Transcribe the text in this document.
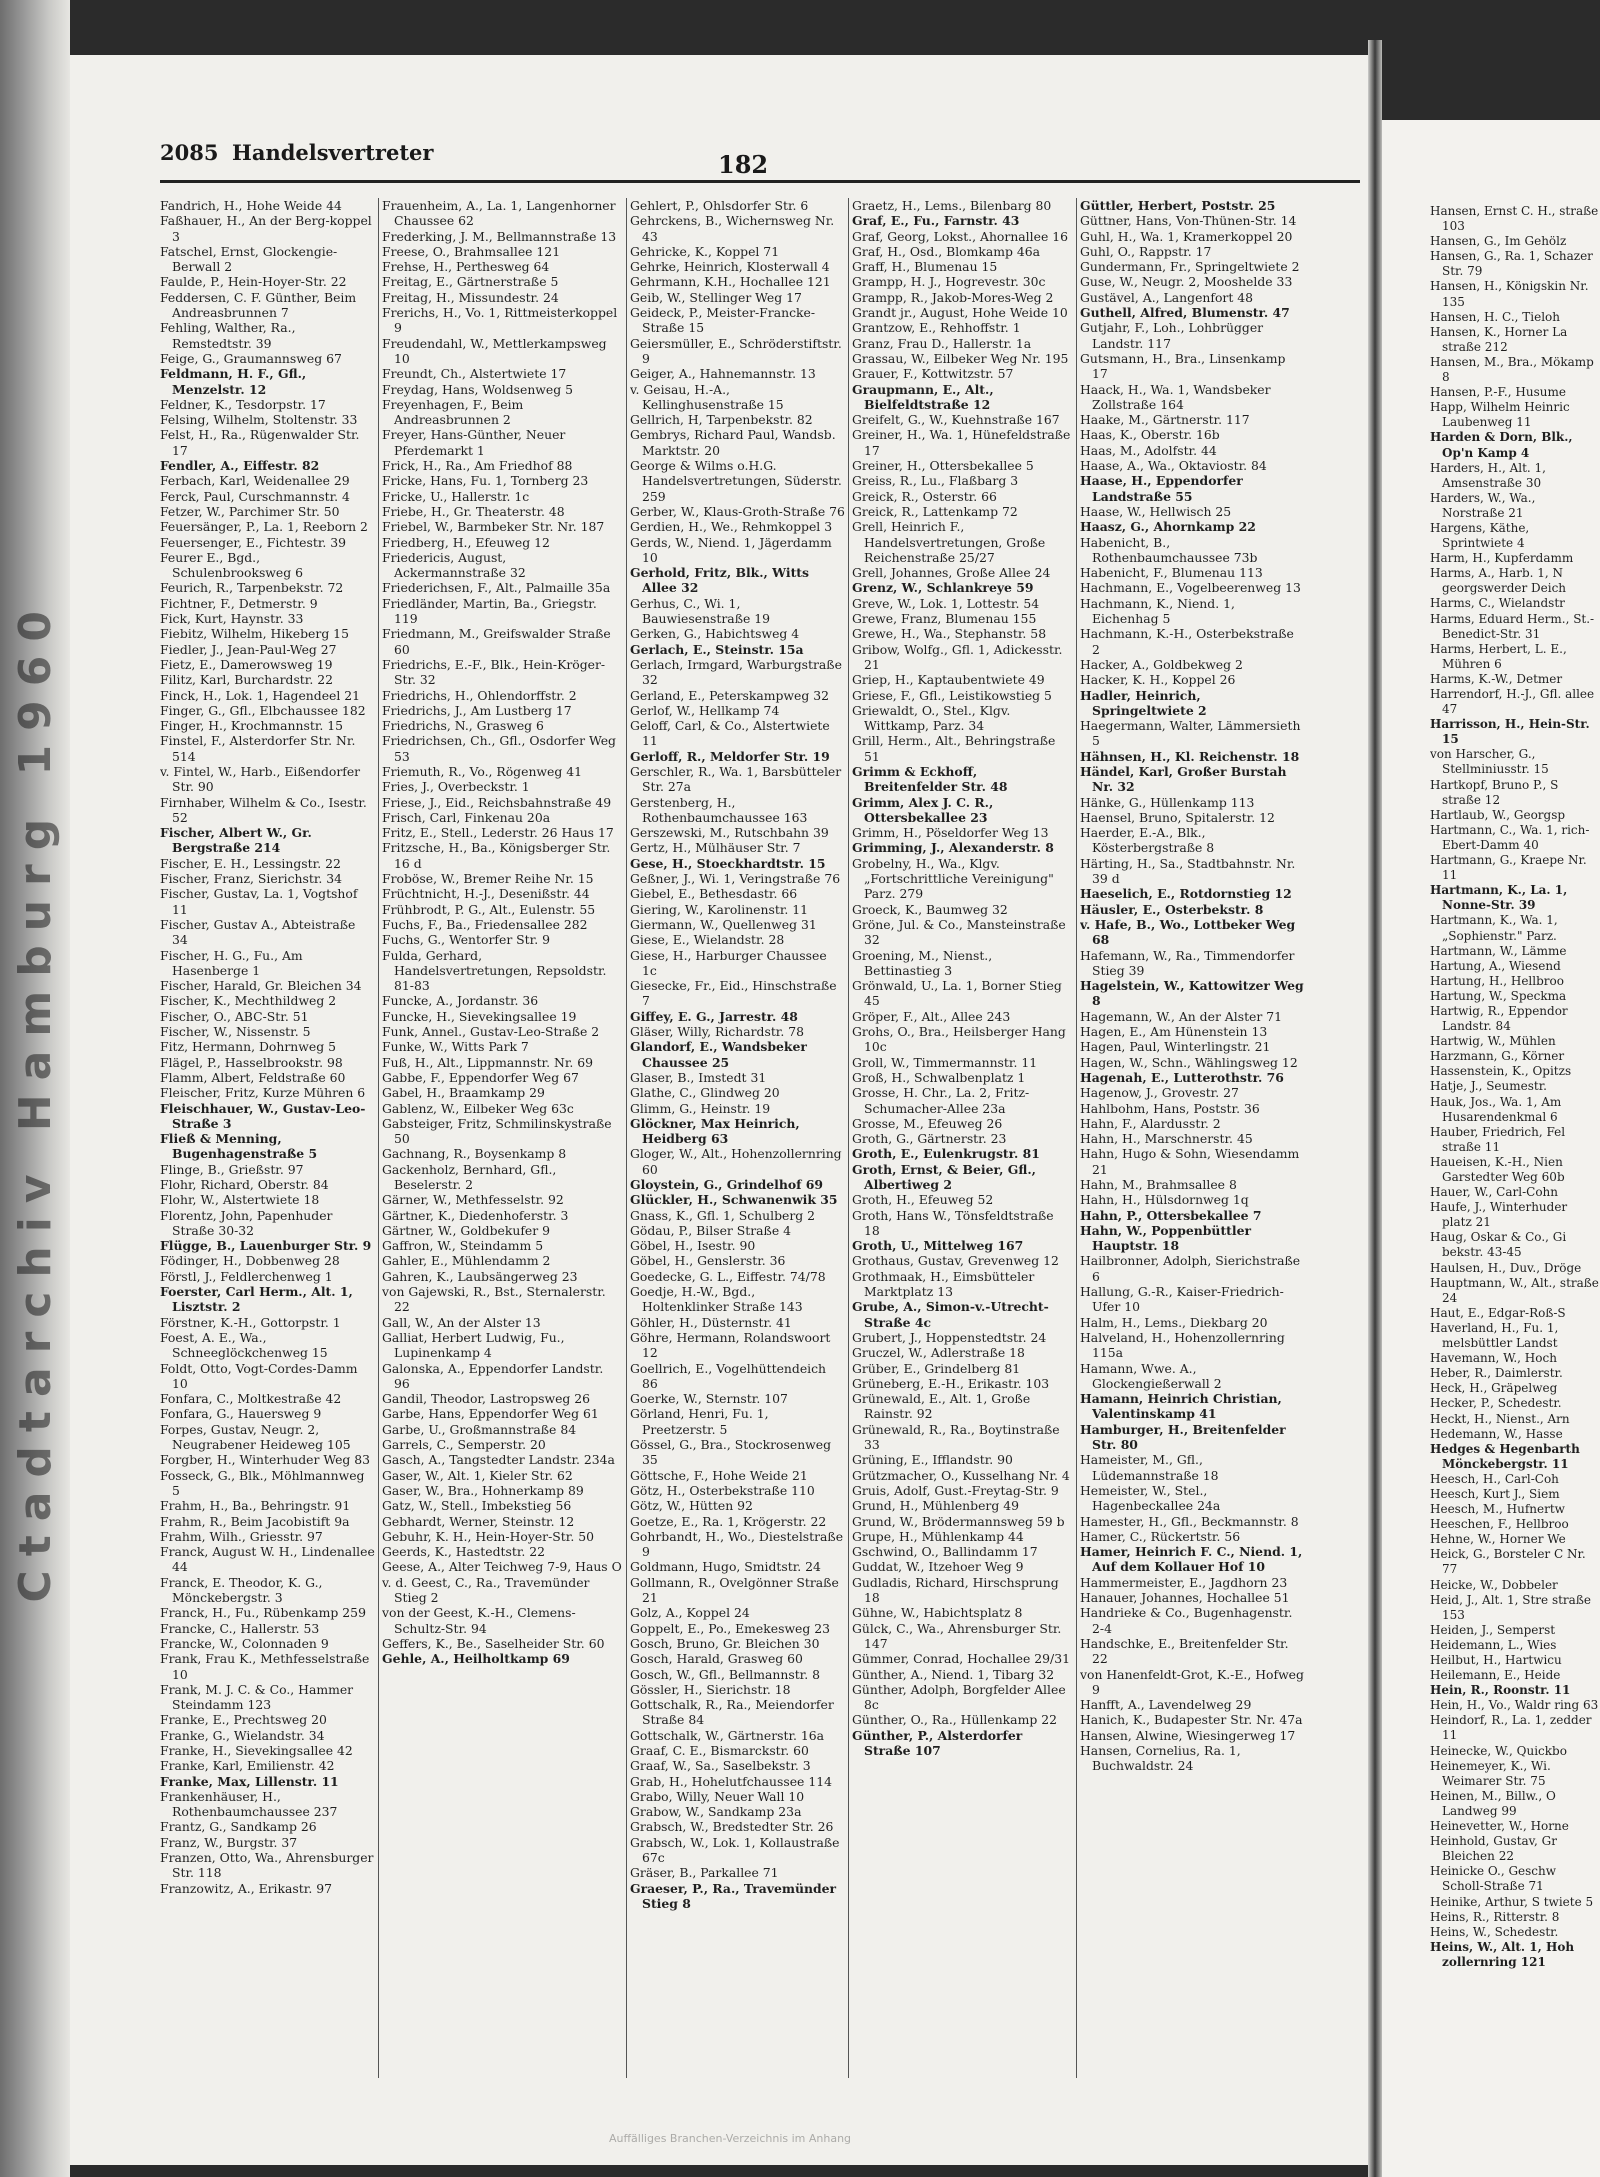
Ctadtarchiv Hamburg 1960
2085 Handelsvertreter	182

Fandrich, H., Hohe Weide 44

Faßhauer, H., An der Berg-koppel 3

Fatschel, Ernst, Glockengie-Berwall 2

Faulde, P., Hein-Hoyer-Str. 22

Feddersen, C. F. Günther, Beim Andreasbrunnen 7

Fehling, Walther, Ra., Remstedtstr. 39

Feige, G., Graumannsweg 67

Feldmann, H. F., Gfl., Menzelstr. 12

Feldner, K., Tesdorpstr. 17

Felsing, Wilhelm, Stoltenstr. 33

Felst, H., Ra., Rügenwalder Str. 17

Fendler, A., Eiffestr. 82

Ferbach, Karl, Weidenallee 29

Ferck, Paul, Curschmannstr. 4

Fetzer, W., Parchimer Str. 50

Feuersänger, P., La. 1, Reeborn 2

Feuersenger, E., Fichtestr. 39

Feurer E., Bgd., Schulenbrooksweg 6

Feurich, R., Tarpenbekstr. 72

Fichtner, F., Detmerstr. 9

Fick, Kurt, Haynstr. 33

Fiebitz, Wilhelm, Hikeberg 15

Fiedler, J., Jean-Paul-Weg 27

Fietz, E., Damerowsweg 19

Filitz, Karl, Burchardstr. 22

Finck, H., Lok. 1, Hagendeel 21

Finger, G., Gfl., Elbchaussee 182

Finger, H., Krochmannstr. 15

Finstel, F., Alsterdorfer Str. Nr. 514

v. Fintel, W., Harb., Eißendorfer Str. 90

Firnhaber, Wilhelm & Co., Isestr. 52

Fischer, Albert W., Gr. Bergstraße 214

Fischer, E. H., Lessingstr. 22

Fischer, Franz, Sierichstr. 34

Fischer, Gustav, La. 1, Vogtshof 11

Fischer, Gustav A., Abteistraße 34

Fischer, H. G., Fu., Am Hasenberge 1

Fischer, Harald, Gr. Bleichen 34

Fischer, K., Mechthildweg 2

Fischer, O., ABC-Str. 51

Fischer, W., Nissenstr. 5

Fitz, Hermann, Dohrnweg 5

Flägel, P., Hasselbrookstr. 98

Flamm, Albert, Feldstraße 60

Fleischer, Fritz, Kurze Mühren 6

Fleischhauer, W., Gustav-Leo-Straße 3

Fließ & Menning, Bugenhagenstraße 5

Flinge, B., Grießstr. 97

Flohr, Richard, Oberstr. 84

Flohr, W., Alstertwiete 18

Florentz, John, Papenhuder Straße 30-32

Flügge, B., Lauenburger Str. 9

Födinger, H., Dobbenweg 28

Förstl, J., Feldlerchenweg 1

Foerster, Carl Herm., Alt. 1, Lisztstr. 2

Förstner, K.-H., Gottorpstr. 1

Foest, A. E., Wa., Schneeglöckchenweg 15

Foldt, Otto, Vogt-Cordes-Damm 10

Fonfara, C., Moltkestraße 42

Fonfara, G., Hauersweg 9

Forpes, Gustav, Neugr. 2, Neugrabener Heideweg 105

Forgber, H., Winterhuder Weg 83

Fosseck, G., Blk., Möhlmannweg 5

Frahm, H., Ba., Behringstr. 91

Frahm, R., Beim Jacobistift 9a

Frahm, Wilh., Griesstr. 97

Franck, August W. H., Lindenallee 44

Franck, E. Theodor, K. G., Mönckebergstr. 3

Franck, H., Fu., Rübenkamp 259

Francke, C., Hallerstr. 53

Francke, W., Colonnaden 9

Frank, Frau K., Methfesselstraße 10

Frank, M. J. C. & Co., Hammer Steindamm 123

Franke, E., Prechtsweg 20

Franke, G., Wielandstr. 34

Franke, H., Sievekingsallee 42

Franke, Karl, Emilienstr. 42

Franke, Max, Lillenstr. 11

Frankenhäuser, H., Rothenbaumchaussee 237

Frantz, G., Sandkamp 26

Franz, W., Burgstr. 37

Franzen, Otto, Wa., Ahrensburger Str. 118

Franzowitz, A., Erikastr. 97

Frauenheim, A., La. 1, Langenhorner Chaussee 62

Frederking, J. M., Bellmannstraße 13

Freese, O., Brahmsallee 121

Frehse, H., Perthesweg 64

Freitag, E., Gärtnerstraße 5

Freitag, H., Missundestr. 24

Frerichs, H., Vo. 1, Rittmeisterkoppel 9

Freudendahl, W., Mettlerkampsweg 10

Freundt, Ch., Alstertwiete 17

Freydag, Hans, Woldsenweg 5

Freyenhagen, F., Beim Andreasbrunnen 2

Freyer, Hans-Günther, Neuer Pferdemarkt 1

Frick, H., Ra., Am Friedhof 88

Fricke, Hans, Fu. 1, Tornberg 23

Fricke, U., Hallerstr. 1c

Friebe, H., Gr. Theaterstr. 48

Friebel, W., Barmbeker Str. Nr. 187

Friedberg, H., Efeuweg 12

Friedericis, August, Ackermannstraße 32

Friederichsen, F., Alt., Palmaille 35a

Friedländer, Martin, Ba., Griegstr. 119

Friedmann, M., Greifswalder Straße 60

Friedrichs, E.-F., Blk., Hein-Kröger-Str. 32

Friedrichs, H., Ohlendorffstr. 2

Friedrichs, J., Am Lustberg 17

Friedrichs, N., Grasweg 6

Friedrichsen, Ch., Gfl., Osdorfer Weg 53

Friemuth, R., Vo., Rögenweg 41

Fries, J., Overbeckstr. 1

Friese, J., Eid., Reichsbahnstraße 49

Frisch, Carl, Finkenau 20a

Fritz, E., Stell., Lederstr. 26 Haus 17

Fritzsche, H., Ba., Königsberger Str. 16 d

Froböse, W., Bremer Reihe Nr. 15

Früchtnicht, H.-J., Desenißstr. 44

Frühbrodt, P. G., Alt., Eulenstr. 55

Fuchs, F., Ba., Friedensallee 282

Fuchs, G., Wentorfer Str. 9

Fulda, Gerhard, Handelsvertretungen, Repsoldstr. 81-83

Funcke, A., Jordanstr. 36

Funcke, H., Sievekingsallee 19

Funk, Annel., Gustav-Leo-Straße 2

Funke, W., Witts Park 7

Fuß, H., Alt., Lippmannstr. Nr. 69

Gabbe, F., Eppendorfer Weg 67

Gabel, H., Braamkamp 29

Gablenz, W., Eilbeker Weg 63c

Gabsteiger, Fritz, Schmilinskystraße 50

Gachnang, R., Boysenkamp 8

Gackenholz, Bernhard, Gfl., Beselerstr. 2

Gärner, W., Methfesselstr. 92

Gärtner, K., Diedenhoferstr. 3

Gärtner, W., Goldbekufer 9

Gaffron, W., Steindamm 5

Gahler, E., Mühlendamm 2

Gahren, K., Laubsängerweg 23

von Gajewski, R., Bst., Sternalerstr. 22

Gall, W., An der Alster 13

Galliat, Herbert Ludwig, Fu., Lupinenkamp 4

Galonska, A., Eppendorfer Landstr. 96

Gandil, Theodor, Lastropsweg 26

Garbe, Hans, Eppendorfer Weg 61

Garbe, U., Großmannstraße 84

Garrels, C., Semperstr. 20

Gasch, A., Tangstedter Landstr. 234a

Gaser, W., Alt. 1, Kieler Str. 62

Gaser, W., Bra., Hohnerkamp 89

Gatz, W., Stell., Imbekstieg 56

Gebhardt, Werner, Steinstr. 12

Gebuhr, K. H., Hein-Hoyer-Str. 50

Geerds, K., Hastedtstr. 22

Geese, A., Alter Teichweg 7-9, Haus O

v. d. Geest, C., Ra., Travemünder Stieg 2

von der Geest, K.-H., Clemens-Schultz-Str. 94

Geffers, K., Be., Saselheider Str. 60

Gehle, A., Heilholtkamp 69

Gehlert, P., Ohlsdorfer Str. 6

Gehrckens, B., Wichernsweg Nr. 43

Gehricke, K., Koppel 71

Gehrke, Heinrich, Klosterwall 4

Gehrmann, K.H., Hochallee 121

Geib, W., Stellinger Weg 17

Geideck, P., Meister-Francke-Straße 15

Geiersmüller, E., Schröderstiftstr. 9

Geiger, A., Hahnemannstr. 13

v. Geisau, H.-A., Kellinghusenstraße 15

Gellrich, H, Tarpenbekstr. 82

Gembrys, Richard Paul, Wandsb. Marktstr. 20

George & Wilms o.H.G. Handelsvertretungen, Süderstr. 259

Gerber, W., Klaus-Groth-Straße 76

Gerdien, H., We., Rehmkoppel 3

Gerds, W., Niend. 1, Jägerdamm 10

Gerhold, Fritz, Blk., Witts Allee 32

Gerhus, C., Wi. 1, Bauwiesenstraße 19

Gerken, G., Habichtsweg 4

Gerlach, E., Steinstr. 15a

Gerlach, Irmgard, Warburgstraße 32

Gerland, E., Peterskampweg 32

Gerlof, W., Hellkamp 74

Geloff, Carl, & Co., Alstertwiete 11

Gerloff, R., Meldorfer Str. 19

Gerschler, R., Wa. 1, Barsbütteler Str. 27a

Gerstenberg, H., Rothenbaumchaussee 163

Gerszewski, M., Rutschbahn 39

Gertz, H., Mülhäuser Str. 7

Gese, H., Stoeckhardtstr. 15

Geßner, J., Wi. 1, Veringstraße 76

Giebel, E., Bethesdastr. 66

Giering, W., Karolinenstr. 11

Giermann, W., Quellenweg 31

Giese, E., Wielandstr. 28

Giese, H., Harburger Chaussee 1c

Giesecke, Fr., Eid., Hinschstraße 7

Giffey, E. G., Jarrestr. 48

Gläser, Willy, Richardstr. 78

Glandorf, E., Wandsbeker Chaussee 25

Glaser, B., Imstedt 31

Glathe, C., Glindweg 20

Glimm, G., Heinstr. 19

Glöckner, Max Heinrich, Heidberg 63

Gloger, W., Alt., Hohenzollernring 60

Gloystein, G., Grindelhof 69

Glückler, H., Schwanenwik 35

Gnass, K., Gfl. 1, Schulberg 2

Gödau, P., Bilser Straße 4

Göbel, H., Isestr. 90

Göbel, H., Genslerstr. 36

Goedecke, G. L., Eiffestr. 74/78

Goedje, H.-W., Bgd., Holtenklinker Straße 143

Göhler, H., Düsternstr. 41

Göhre, Hermann, Rolandswoort 12

Goellrich, E., Vogelhüttendeich 86

Goerke, W., Sternstr. 107

Görland, Henri, Fu. 1, Preetzerstr. 5

Gössel, G., Bra., Stockrosenweg 35

Göttsche, F., Hohe Weide 21

Götz, H., Osterbekstraße 110

Götz, W., Hütten 92

Goetze, E., Ra. 1, Krögerstr. 22

Gohrbandt, H., Wo., Diestelstraße 9

Goldmann, Hugo, Smidtstr. 24

Gollmann, R., Ovelgönner Straße 21

Golz, A., Koppel 24

Goppelt, E., Po., Emekesweg 23

Gosch, Bruno, Gr. Bleichen 30

Gosch, Harald, Grasweg 60

Gosch, W., Gfl., Bellmannstr. 8

Gössler, H., Sierichstr. 18

Gottschalk, R., Ra., Meiendorfer Straße 84

Gottschalk, W., Gärtnerstr. 16a

Graaf, C. E., Bismarckstr. 60

Graaf, W., Sa., Saselbekstr. 3

Grab, H., Hohelutfchaussee 114

Grabo, Willy, Neuer Wall 10

Grabow, W., Sandkamp 23a

Grabsch, W., Bredstedter Str. 26

Grabsch, W., Lok. 1, Kollaustraße 67c

Gräser, B., Parkallee 71

Graeser, P., Ra., Travemünder Stieg 8

Graetz, H., Lems., Bilenbarg 80

Graf, E., Fu., Farnstr. 43

Graf, Georg, Lokst., Ahornallee 16

Graf, H., Osd., Blomkamp 46a

Graff, H., Blumenau 15

Grampp, H. J., Hogrevestr. 30c

Grampp, R., Jakob-Mores-Weg 2

Grandt jr., August, Hohe Weide 10

Grantzow, E., Rehhoffstr. 1

Granz, Frau D., Hallerstr. 1a

Grassau, W., Eilbeker Weg Nr. 195

Grauer, F., Kottwitzstr. 57

Graupmann, E., Alt., Bielfeldtstraße 12

Greifelt, G., W., Kuehnstraße 167

Greiner, H., Wa. 1, Hünefeldstraße 17

Greiner, H., Ottersbekallee 5

Greiss, R., Lu., Flaßbarg 3

Greick, R., Osterstr. 66

Greick, R., Lattenkamp 72

Grell, Heinrich F., Handelsvertretungen, Große Reichenstraße 25/27

Grell, Johannes, Große Allee 24

Grenz, W., Schlankreye 59

Greve, W., Lok. 1, Lottestr. 54

Grewe, Franz, Blumenau 155

Grewe, H., Wa., Stephanstr. 58

Gribow, Wolfg., Gfl. 1, Adickesstr. 21

Griep, H., Kaptaubentwiete 49

Griese, F., Gfl., Leistikowstieg 5

Griewaldt, O., Stel., Klgv. Wittkamp, Parz. 34

Grill, Herm., Alt., Behringstraße 51

Grimm & Eckhoff, Breitenfelder Str. 48

Grimm, Alex J. C. R., Ottersbekallee 23

Grimm, H., Pöseldorfer Weg 13

Grimming, J., Alexanderstr. 8

Grobelny, H., Wa., Klgv. „Fortschrittliche Vereinigung" Parz. 279

Groeck, K., Baumweg 32

Gröne, Jul. & Co., Mansteinstraße 32

Groening, M., Nienst., Bettinastieg 3

Grönwald, U., La. 1, Borner Stieg 45

Gröper, F., Alt., Allee 243

Grohs, O., Bra., Heilsberger Hang 10c

Groll, W., Timmermannstr. 11

Groß, H., Schwalbenplatz 1

Grosse, H. Chr., La. 2, Fritz-Schumacher-Allee 23a

Grosse, M., Efeuweg 26

Groth, G., Gärtnerstr. 23

Groth, E., Eulenkrugstr. 81

Groth, Ernst, & Beier, Gfl., Albertiweg 2

Groth, H., Efeuweg 52

Groth, Hans W., Tönsfeldtstraße 18

Groth, U., Mittelweg 167

Grothaus, Gustav, Grevenweg 12

Grothmaak, H., Eimsbütteler Marktplatz 13

Grube, A., Simon-v.-Utrecht-Straße 4c

Grubert, J., Hoppenstedtstr. 24

Gruczel, W., Adlerstraße 18

Grüber, E., Grindelberg 81

Grüneberg, E.-H., Erikastr. 103

Grünewald, E., Alt. 1, Große Rainstr. 92

Grünewald, R., Ra., Boytinstraße 33

Grüning, E., Ifflandstr. 90

Grützmacher, O., Kusselhang Nr. 4

Gruis, Adolf, Gust.-Freytag-Str. 9

Grund, H., Mühlenberg 49

Grund, W., Brödermannsweg 59 b

Grupe, H., Mühlenkamp 44

Gschwind, O., Ballindamm 17

Guddat, W., Itzehoer Weg 9

Gudladis, Richard, Hirschsprung 18

Gühne, W., Habichtsplatz 8

Gülck, C., Wa., Ahrensburger Str. 147

Gümmer, Conrad, Hochallee 29/31

Günther, A., Niend. 1, Tibarg 32

Günther, Adolph, Borgfelder Allee 8c

Günther, O., Ra., Hüllenkamp 22

Günther, P., Alsterdorfer Straße 107

Güttler, Herbert, Poststr. 25

Güttner, Hans, Von-Thünen-Str. 14

Guhl, H., Wa. 1, Kramerkoppel 20

Guhl, O., Rappstr. 17

Gundermann, Fr., Springeltwiete 2

Guse, W., Neugr. 2, Mooshelde 33

Gustävel, A., Langenfort 48

Guthell, Alfred, Blumenstr. 47

Gutjahr, F., Loh., Lohbrügger Landstr. 117

Gutsmann, H., Bra., Linsenkamp 17

Haack, H., Wa. 1, Wandsbeker Zollstraße 164

Haake, M., Gärtnerstr. 117

Haas, K., Oberstr. 16b

Haas, M., Adolfstr. 44

Haase, A., Wa., Oktaviostr. 84

Haase, H., Eppendorfer Landstraße 55

Haase, W., Hellwisch 25

Haasz, G., Ahornkamp 22

Habenicht, B., Rothenbaumchaussee 73b

Habenicht, F., Blumenau 113

Hachmann, E., Vogelbeerenweg 13

Hachmann, K., Niend. 1, Eichenhag 5

Hachmann, K.-H., Osterbekstraße 2

Hacker, A., Goldbekweg 2

Hacker, K. H., Koppel 26

Hadler, Heinrich, Springeltwiete 2

Haegermann, Walter, Lämmersieth 5

Hähnsen, H., Kl. Reichenstr. 18

Händel, Karl, Großer Burstah Nr. 32

Hänke, G., Hüllenkamp 113

Haensel, Bruno, Spitalerstr. 12

Haerder, E.-A., Blk., Kösterbergstraße 8

Härting, H., Sa., Stadtbahnstr. Nr. 39 d

Haeselich, E., Rotdornstieg 12

Häusler, E., Osterbekstr. 8

v. Hafe, B., Wo., Lottbeker Weg 68

Hafemann, W., Ra., Timmendorfer Stieg 39

Hagelstein, W., Kattowitzer Weg 8

Hagemann, W., An der Alster 71

Hagen, E., Am Hünenstein 13

Hagen, Paul, Winterlingstr. 21

Hagen, W., Schn., Wählingsweg 12

Hagenah, E., Lutterothstr. 76

Hagenow, J., Grovestr. 27

Hahlbohm, Hans, Poststr. 36

Hahn, F., Alardusstr. 2

Hahn, H., Marschnerstr. 45

Hahn, Hugo & Sohn, Wiesendamm 21

Hahn, M., Brahmsallee 8

Hahn, H., Hülsdornweg 1q

Hahn, P., Ottersbekallee 7

Hahn, W., Poppenbüttler Hauptstr. 18

Hailbronner, Adolph, Sierichstraße 6

Hallung, G.-R., Kaiser-Friedrich-Ufer 10

Halm, H., Lems., Diekbarg 20

Halveland, H., Hohenzollernring 115a

Hamann, Wwe. A., Glockengießerwall 2

Hamann, Heinrich Christian, Valentinskamp 41

Hamburger, H., Breitenfelder Str. 80

Hameister, M., Gfl., Lüdemannstraße 18

Hemeister, W., Stel., Hagenbeckallee 24a

Hamester, H., Gfl., Beckmannstr. 8

Hamer, C., Rückertstr. 56

Hamer, Heinrich F. C., Niend. 1, Auf dem Kollauer Hof 10

Hammermeister, E., Jagdhorn 23

Hanauer, Johannes, Hochallee 51

Handrieke & Co., Bugenhagenstr. 2-4

Handschke, E., Breitenfelder Str. 22

von Hanenfeldt-Grot, K.-E., Hofweg 9

Hanfft, A., Lavendelweg 29

Hanich, K., Budapester Str. Nr. 47a

Hansen, Alwine, Wiesingerweg 17

Hansen, Cornelius, Ra. 1, Buchwaldstr. 24

Hansen, Ernst C. H., straße 103

Hansen, G., Im Gehölz

Hansen, G., Ra. 1, Schazer Str. 79

Hansen, H., Königskin Nr. 135

Hansen, H. C., Tieloh

Hansen, K., Horner La straße 212

Hansen, M., Bra., Mökamp 8

Hansen, P.-F., Husume

Happ, Wilhelm Heinric Laubenweg 11

Harden & Dorn, Blk., Op'n Kamp 4

Harders, H., Alt. 1, Amsenstraße 30

Harders, W., Wa., Norstraße 21

Hargens, Käthe, Sprintwiete 4

Harm, H., Kupferdamm

Harms, A., Harb. 1, N georgswerder Deich

Harms, C., Wielandstr

Harms, Eduard Herm., St.-Benedict-Str. 31

Harms, Herbert, L. E., Mühren 6

Harms, K.-W., Detmer

Harrendorf, H.-J., Gfl. allee 47

Harrisson, H., Hein-Str. 15

von Harscher, G., Stellminiusstr. 15

Hartkopf, Bruno P., S straße 12

Hartlaub, W., Georgsp

Hartmann, C., Wa. 1, rich-Ebert-Damm 40

Hartmann, G., Kraepe Nr. 11

Hartmann, K., La. 1, Nonne-Str. 39

Hartmann, K., Wa. 1, „Sophienstr." Parz.

Hartmann, W., Lämme

Hartung, A., Wiesend

Hartung, H., Hellbroo

Hartung, W., Speckma

Hartwig, R., Eppendor Landstr. 84

Hartwig, W., Mühlen

Harzmann, G., Körner

Hassenstein, K., Opitzs

Hatje, J., Seumestr.

Hauk, Jos., Wa. 1, Am Husarendenkmal 6

Hauber, Friedrich, Fel straße 11

Haueisen, K.-H., Nien Garstedter Weg 60b

Hauer, W., Carl-Cohn

Haufe, J., Winterhuder platz 21

Haug, Oskar & Co., Gi bekstr. 43-45

Haulsen, H., Duv., Dröge

Hauptmann, W., Alt., straße 24

Haut, E., Edgar-Roß-S

Haverland, H., Fu. 1, melsbüttler Landst

Havemann, W., Hoch

Heber, R., Daimlerstr.

Heck, H., Gräpelweg

Hecker, P., Schedestr.

Heckt, H., Nienst., Arn

Hedemann, W., Hasse

Hedges & Hegenbarth Mönckebergstr. 11

Heesch, H., Carl-Coh

Heesch, Kurt J., Siem

Heesch, M., Hufnertw

Heeschen, F., Hellbroo

Hehne, W., Horner We

Heick, G., Borsteler C Nr. 77

Heicke, W., Dobbeler

Heid, J., Alt. 1, Stre straße 153

Heiden, J., Semperst

Heidemann, L., Wies

Heilbut, H., Hartwicu

Heilemann, E., Heide

Hein, R., Roonstr. 11

Hein, H., Vo., Waldr ring 63

Heindorf, R., La. 1, zedder 11

Heinecke, W., Quickbo

Heinemeyer, K., Wi. Weimarer Str. 75

Heinen, M., Billw., O Landweg 99

Heinevetter, W., Horne

Heinhold, Gustav, Gr Bleichen 22

Heinicke O., Geschw Scholl-Straße 71

Heinike, Arthur, S twiete 5

Heins, R., Ritterstr. 8

Heins, W., Schedestr.

Heins, W., Alt. 1, Hoh zollernring 121

Auffälliges Branchen-Verzeichnis im Anhang
